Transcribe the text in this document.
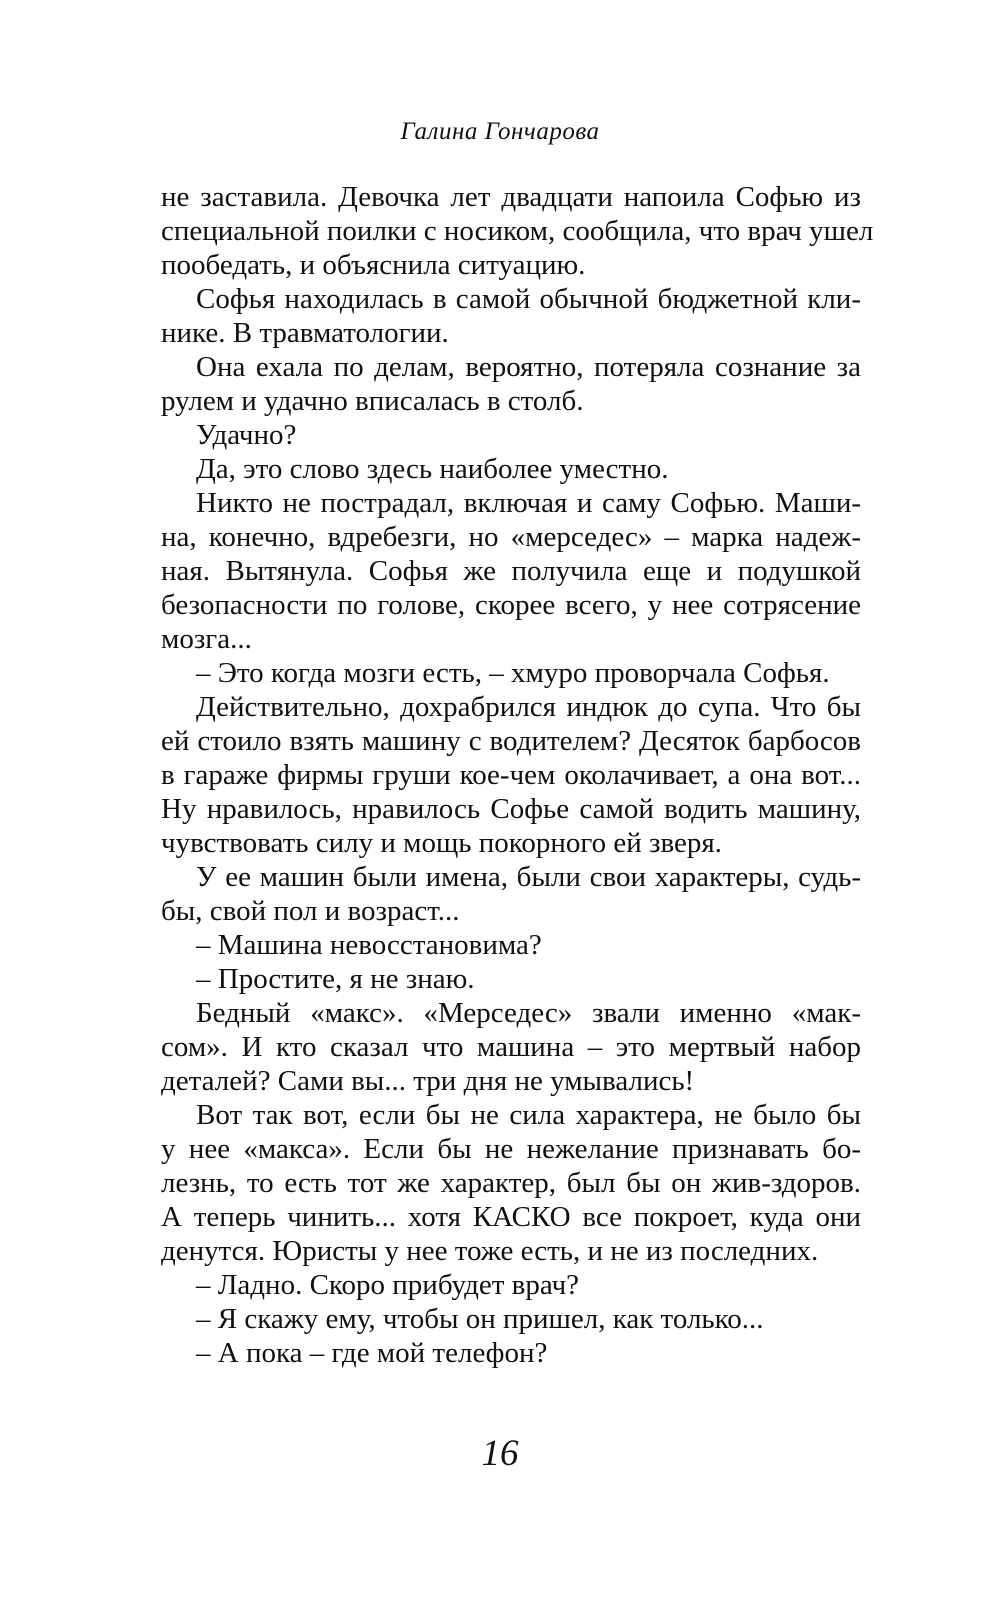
Галина Гончарова
не заставила. Девочка лет двадцати напоила Софью из
специальной поилки с носиком, сообщила, что врач ушел
пообедать, и объяснила ситуацию.
Софья находилась в самой обычной бюджетной кли-
нике. В травматологии.
Она ехала по делам, вероятно, потеряла сознание за
рулем и удачно вписалась в столб.
Удачно?
Да, это слово здесь наиболее уместно.
Никто не пострадал, включая и саму Софью. Маши-
на, конечно, вдребезги, но «мерседес» – марка надеж-
ная. Вытянула. Софья же получила еще и подушкой
безопасности по голове, скорее всего, у нее сотрясение
мозга...
– Это когда мозги есть, – хмуро проворчала Софья.
Действительно, дохрабрился индюк до супа. Что бы
ей стоило взять машину с водителем? Десяток барбосов
в гараже фирмы груши кое-чем околачивает, а она вот...
Ну нравилось, нравилось Софье самой водить машину,
чувствовать силу и мощь покорного ей зверя.
У ее машин были имена, были свои характеры, судь-
бы, свой пол и возраст...
– Машина невосстановима?
– Простите, я не знаю.
Бедный «макс». «Мерседес» звали именно «мак-
сом». И кто сказал что машина – это мертвый набор
деталей? Сами вы... три дня не умывались!
Вот так вот, если бы не сила характера, не было бы
у нее «макса». Если бы не нежелание признавать бо-
лезнь, то есть тот же характер, был бы он жив-здоров.
А теперь чинить... хотя КАСКО все покроет, куда они
денутся. Юристы у нее тоже есть, и не из последних.
– Ладно. Скоро прибудет врач?
– Я скажу ему, чтобы он пришел, как только...
– А пока – где мой телефон?
16
